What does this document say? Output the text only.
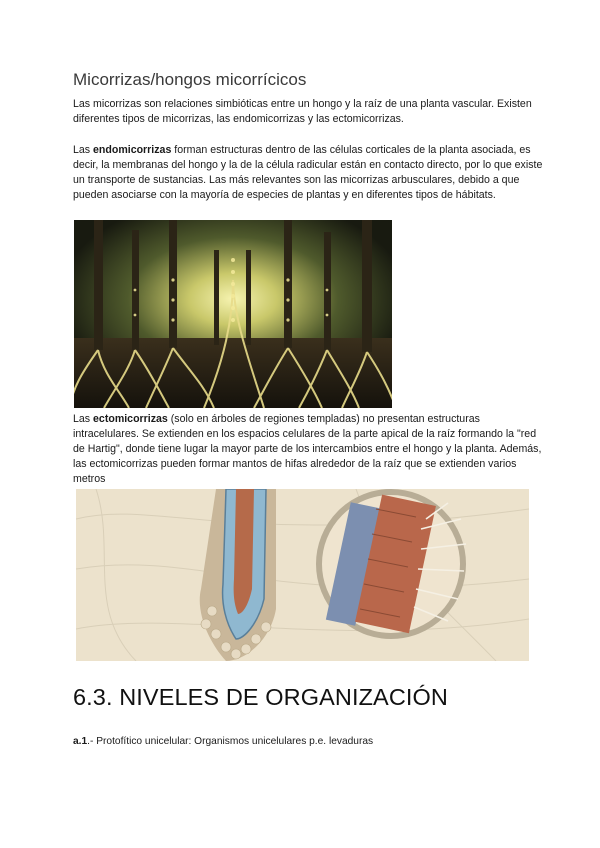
Micorrizas/hongos micorrícicos

Las micorrizas son relaciones simbióticas entre un hongo y la raíz de una planta vascular. Existen diferentes tipos de micorrizas, las endomicorrizas y las ectomicorrizas.

Las endomicorrizas forman estructuras dentro de las células corticales de la planta asociada, es decir, la membranas del hongo y la de la célula radicular están en contacto directo, por lo que existe un transporte de sustancias. Las más relevantes son las micorrizas arbusculares, debido a que pueden asociarse con la mayoría de especies de plantas y en diferentes tipos de hábitats.

Las ectomicorrizas (solo en árboles de regiones templadas) no presentan estructuras intracelulares. Se extienden en los espacios celulares de la parte apical de la raíz formando la "red de Hartig", donde tiene lugar la mayor parte de los intercambios entre el hongo y la planta. Además, las ectomicorrizas pueden formar mantos de hifas alrededor de la raíz que se extienden varios metros

6.3. NIVELES DE ORGANIZACIÓN

a.1.- Protofítico unicelular: Organismos unicelulares p.e. levaduras
